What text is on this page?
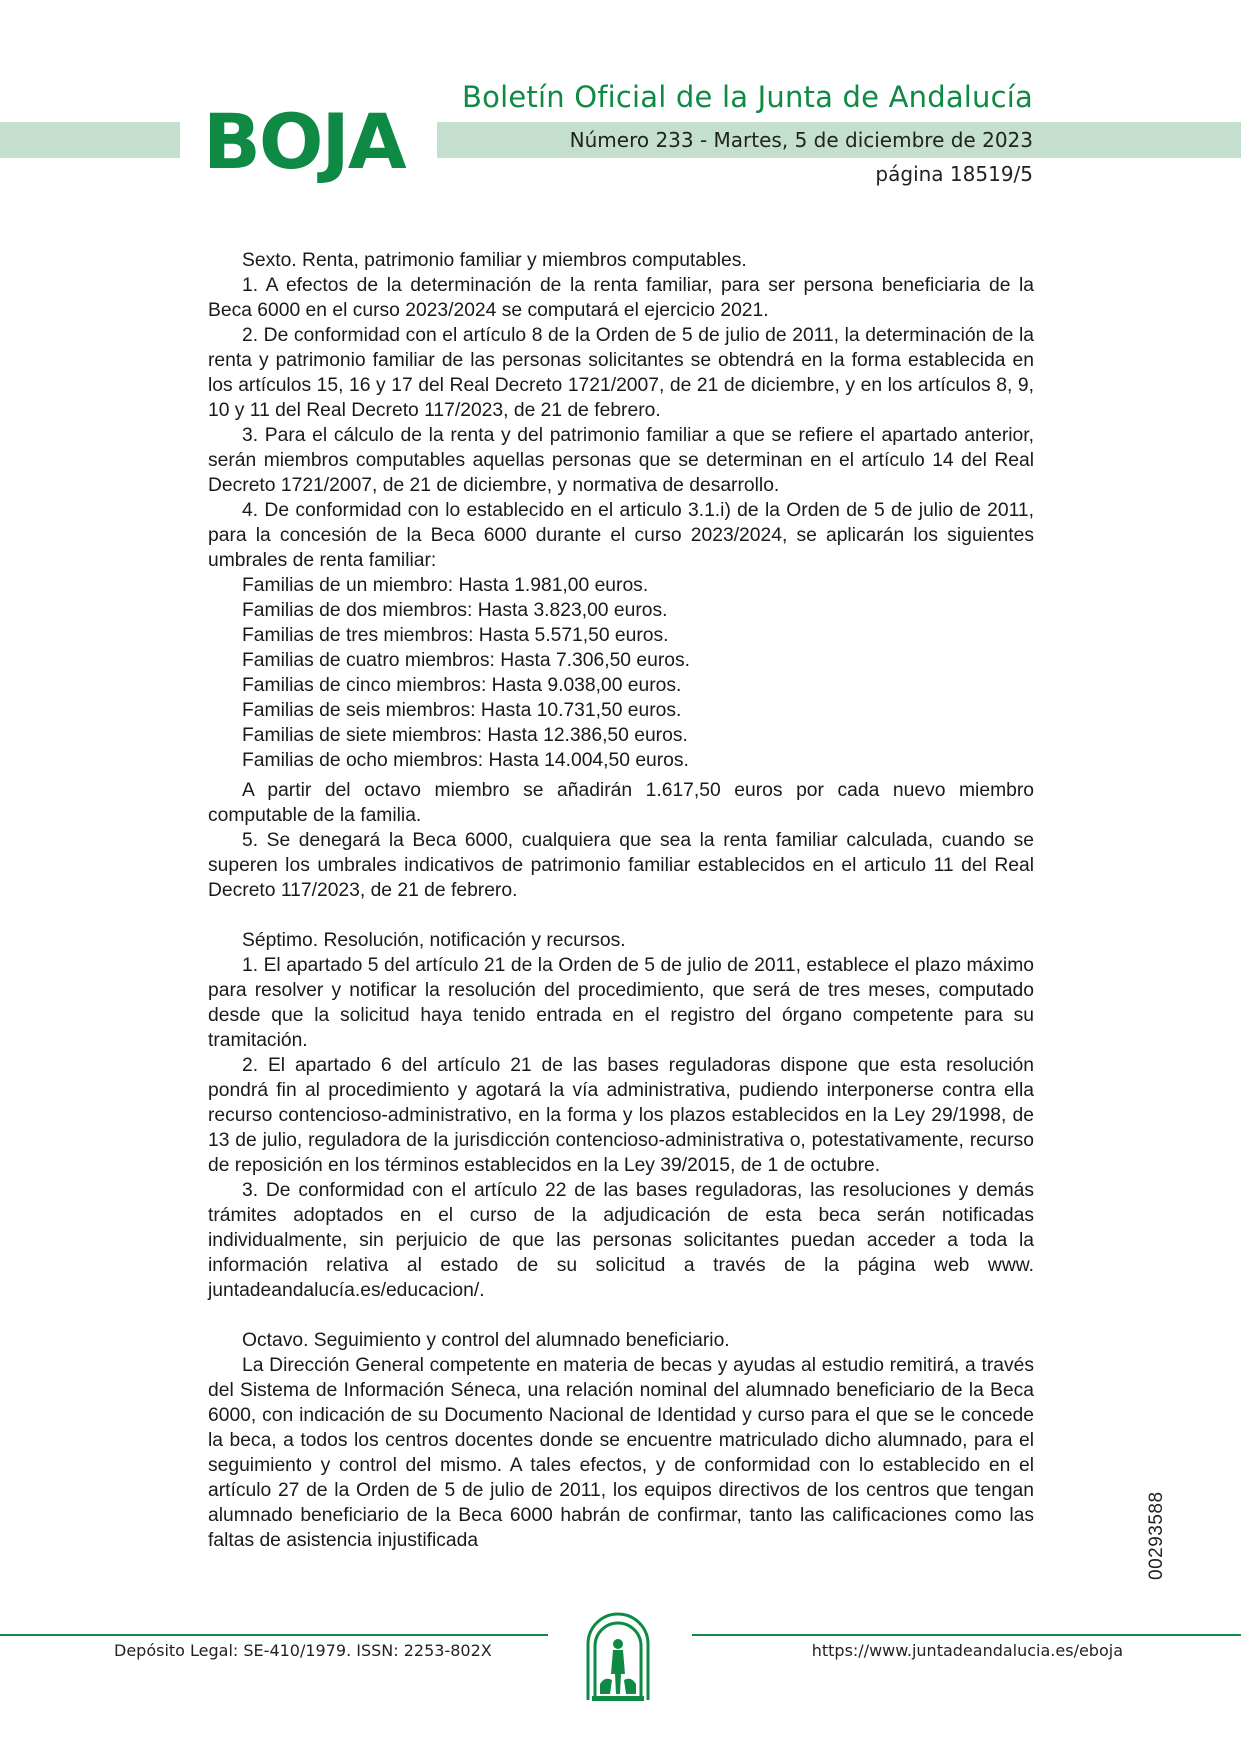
BOJA Boletín Oficial de la Junta de Andalucía
Número 233 - Martes, 5 de diciembre de 2023
página 18519/5

Sexto. Renta, patrimonio familiar y miembros computables.

1. A efectos de la determinación de la renta familiar, para ser persona beneficiaria de la Beca 6000 en el curso 2023/2024 se computará el ejercicio 2021.

2. De conformidad con el artículo 8 de la Orden de 5 de julio de 2011, la determinación de la renta y patrimonio familiar de las personas solicitantes se obtendrá en la forma establecida en los artículos 15, 16 y 17 del Real Decreto 1721/2007, de 21 de diciembre, y en los artículos 8, 9, 10 y 11 del Real Decreto 117/2023, de 21 de febrero.

3. Para el cálculo de la renta y del patrimonio familiar a que se refiere el apartado anterior, serán miembros computables aquellas personas que se determinan en el artículo 14 del Real Decreto 1721/2007, de 21 de diciembre, y normativa de desarrollo.

4. De conformidad con lo establecido en el articulo 3.1.i) de la Orden de 5 de julio de 2011, para la concesión de la Beca 6000 durante el curso 2023/2024, se aplicarán los siguientes umbrales de renta familiar:

Familias de un miembro: Hasta 1.981,00 euros.
Familias de dos miembros: Hasta 3.823,00 euros.
Familias de tres miembros: Hasta 5.571,50 euros.
Familias de cuatro miembros: Hasta 7.306,50 euros.
Familias de cinco miembros: Hasta 9.038,00 euros.
Familias de seis miembros: Hasta 10.731,50 euros.
Familias de siete miembros: Hasta 12.386,50 euros.
Familias de ocho miembros: Hasta 14.004,50 euros.

A partir del octavo miembro se añadirán 1.617,50 euros por cada nuevo miembro computable de la familia.

5. Se denegará la Beca 6000, cualquiera que sea la renta familiar calculada, cuando se superen los umbrales indicativos de patrimonio familiar establecidos en el articulo 11 del Real Decreto 117/2023, de 21 de febrero.

Séptimo. Resolución, notificación y recursos.

1. El apartado 5 del artículo 21 de la Orden de 5 de julio de 2011, establece el plazo máximo para resolver y notificar la resolución del procedimiento, que será de tres meses, computado desde que la solicitud haya tenido entrada en el registro del órgano competente para su tramitación.

2. El apartado 6 del artículo 21 de las bases reguladoras dispone que esta resolución pondrá fin al procedimiento y agotará la vía administrativa, pudiendo interponerse contra ella recurso contencioso-administrativo, en la forma y los plazos establecidos en la Ley 29/1998, de 13 de julio, reguladora de la jurisdicción contencioso-administrativa o, potestativamente, recurso de reposición en los términos establecidos en la Ley 39/2015, de 1 de octubre.

3. De conformidad con el artículo 22 de las bases reguladoras, las resoluciones y demás trámites adoptados en el curso de la adjudicación de esta beca serán notificadas individualmente, sin perjuicio de que las personas solicitantes puedan acceder a toda la información relativa al estado de su solicitud a través de la página web www. juntadeandalucía.es/educacion/.

Octavo. Seguimiento y control del alumnado beneficiario.

La Dirección General competente en materia de becas y ayudas al estudio remitirá, a través del Sistema de Información Séneca, una relación nominal del alumnado beneficiario de la Beca 6000, con indicación de su Documento Nacional de Identidad y curso para el que se le concede la beca, a todos los centros docentes donde se encuentre matriculado dicho alumnado, para el seguimiento y control del mismo. A tales efectos, y de conformidad con lo establecido en el artículo 27 de la Orden de 5 de julio de 2011, los equipos directivos de los centros que tengan alumnado beneficiario de la Beca 6000 habrán de confirmar, tanto las calificaciones como las faltas de asistencia injustificada	00293588
Depósito Legal: SE-410/1979. ISSN: 2253-802X	https://www.juntadeandalucia.es/eboja
